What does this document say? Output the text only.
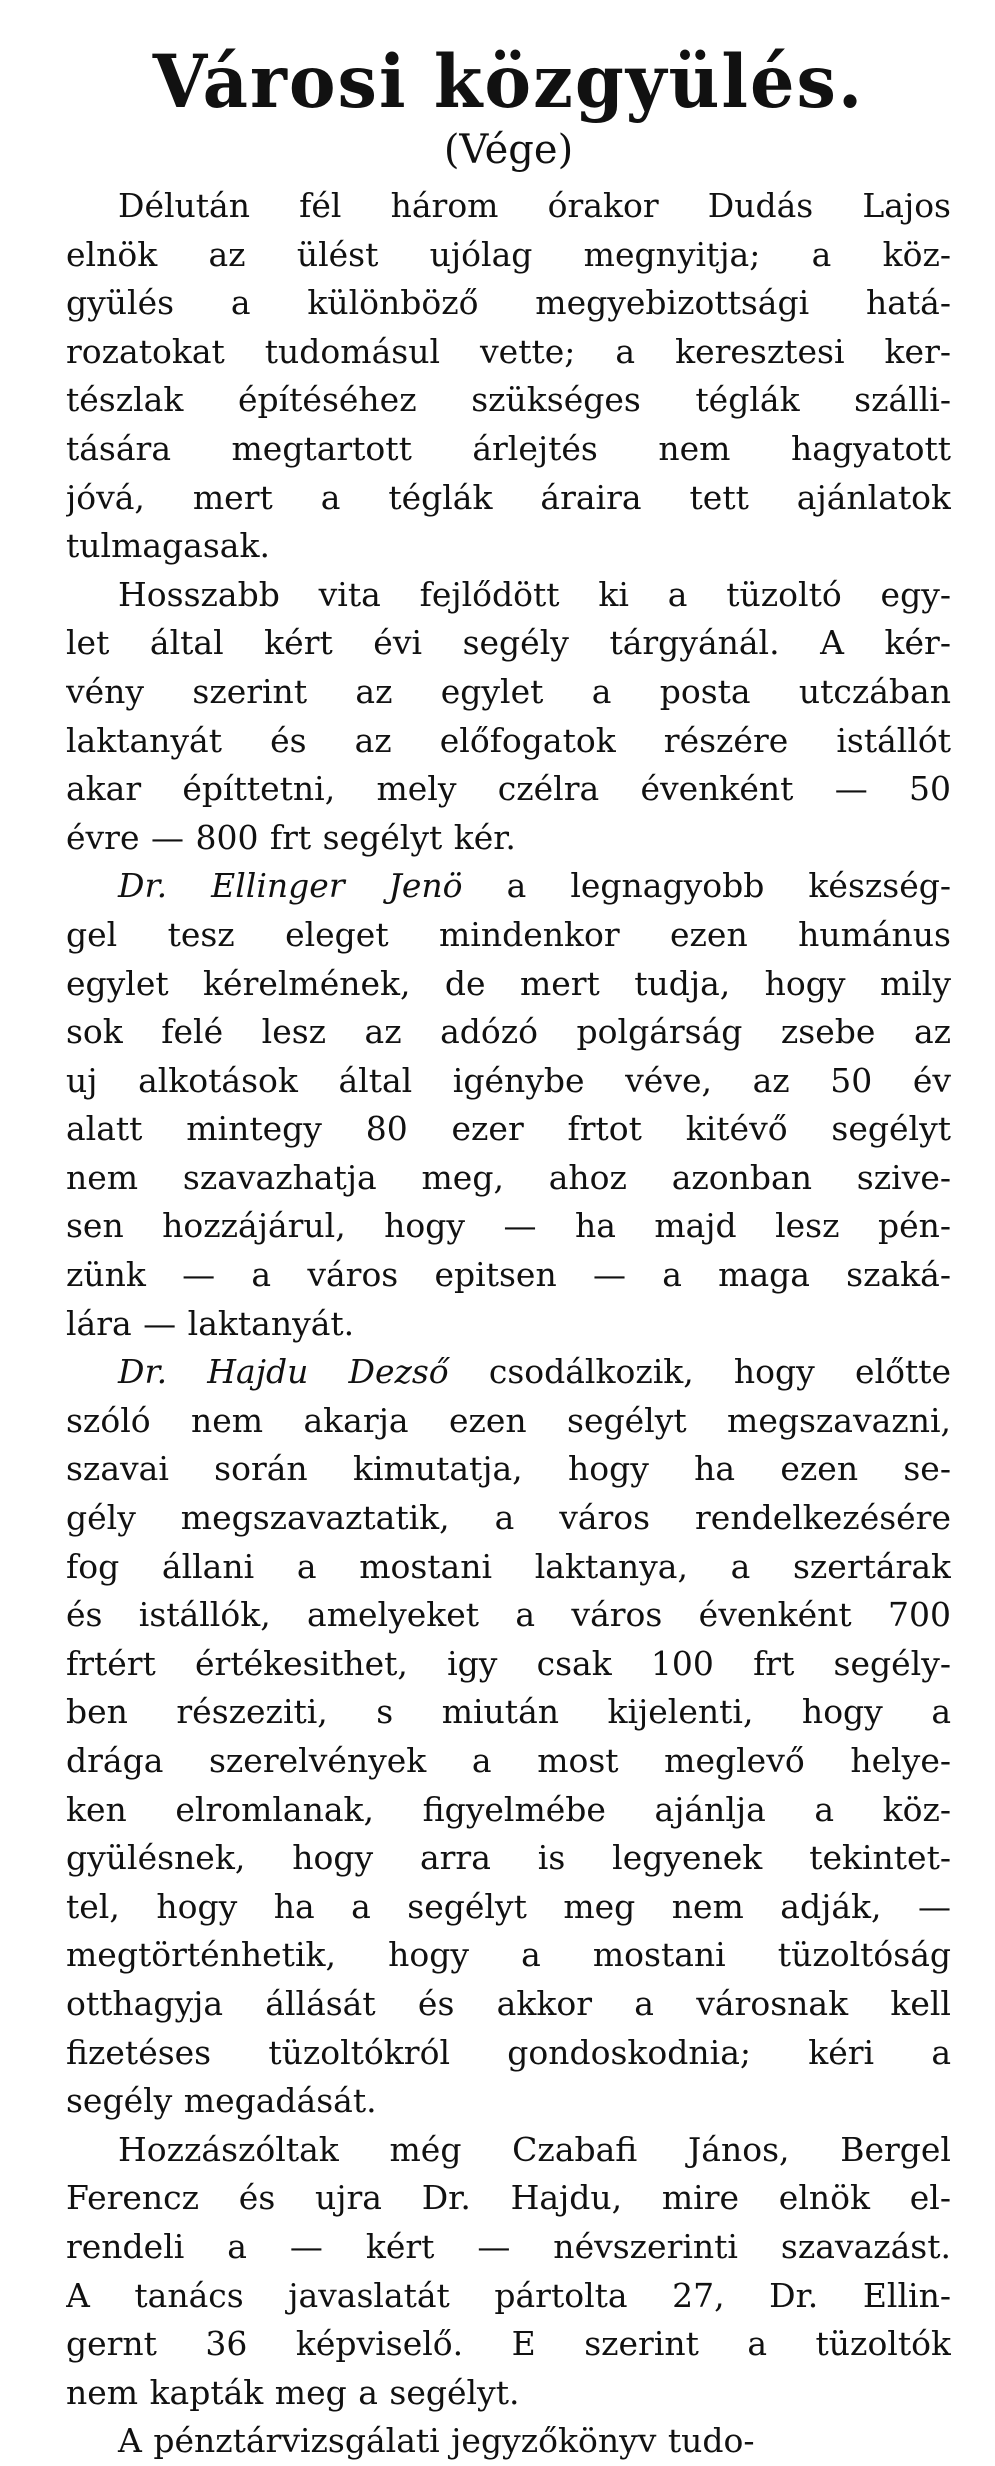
Városi közgyülés.
(Vége)
Délután fél három órakor Dudás Lajos
elnök az ülést ujólag megnyitja; a köz-
gyülés a különböző megyebizottsági hatá-
rozatokat tudomásul vette; a keresztesi ker-
tészlak építéséhez szükséges téglák szálli-
tására megtartott árlejtés nem hagyatott
jóvá, mert a téglák áraira tett ajánlatok
tulmagasak.
Hosszabb vita fejlődött ki a tüzoltó egy-
let által kért évi segély tárgyánál. A kér-
vény szerint az egylet a posta utczában
laktanyát és az előfogatok részére istállót
akar építtetni, mely czélra évenként — 50
évre — 800 frt segélyt kér.
Dr. Ellinger Jenö a legnagyobb készség-
gel tesz eleget mindenkor ezen humánus
egylet kérelmének, de mert tudja, hogy mily
sok felé lesz az adózó polgárság zsebe az
uj alkotások által igénybe véve, az 50 év
alatt mintegy 80 ezer frtot kitévő segélyt
nem szavazhatja meg, ahoz azonban szive-
sen hozzájárul, hogy — ha majd lesz pén-
zünk — a város epitsen — a maga szaká-
lára — laktanyát.
Dr. Hajdu Dezső csodálkozik, hogy előtte
szóló nem akarja ezen segélyt megszavazni,
szavai során kimutatja, hogy ha ezen se-
gély megszavaztatik, a város rendelkezésére
fog állani a mostani laktanya, a szertárak
és istállók, amelyeket a város évenként 700
frtért értékesithet, igy csak 100 frt segély-
ben részeziti, s miután kijelenti, hogy a
drága szerelvények a most meglevő helye-
ken elromlanak, figyelmébe ajánlja a köz-
gyülésnek, hogy arra is legyenek tekintet-
tel, hogy ha a segélyt meg nem adják, —
megtörténhetik, hogy a mostani tüzoltóság
otthagyja állását és akkor a városnak kell
fizetéses tüzoltókról gondoskodnia; kéri a
segély megadását.
Hozzászóltak még Czabafi János, Bergel
Ferencz és ujra Dr. Hajdu, mire elnök el-
rendeli a — kért — névszerinti szavazást.
A tanács javaslatát pártolta 27, Dr. Ellin-
gernt 36 képviselő. E szerint a tüzoltók
nem kapták meg a segélyt.
A pénztárvizsgálati jegyzőkönyv tudo-
